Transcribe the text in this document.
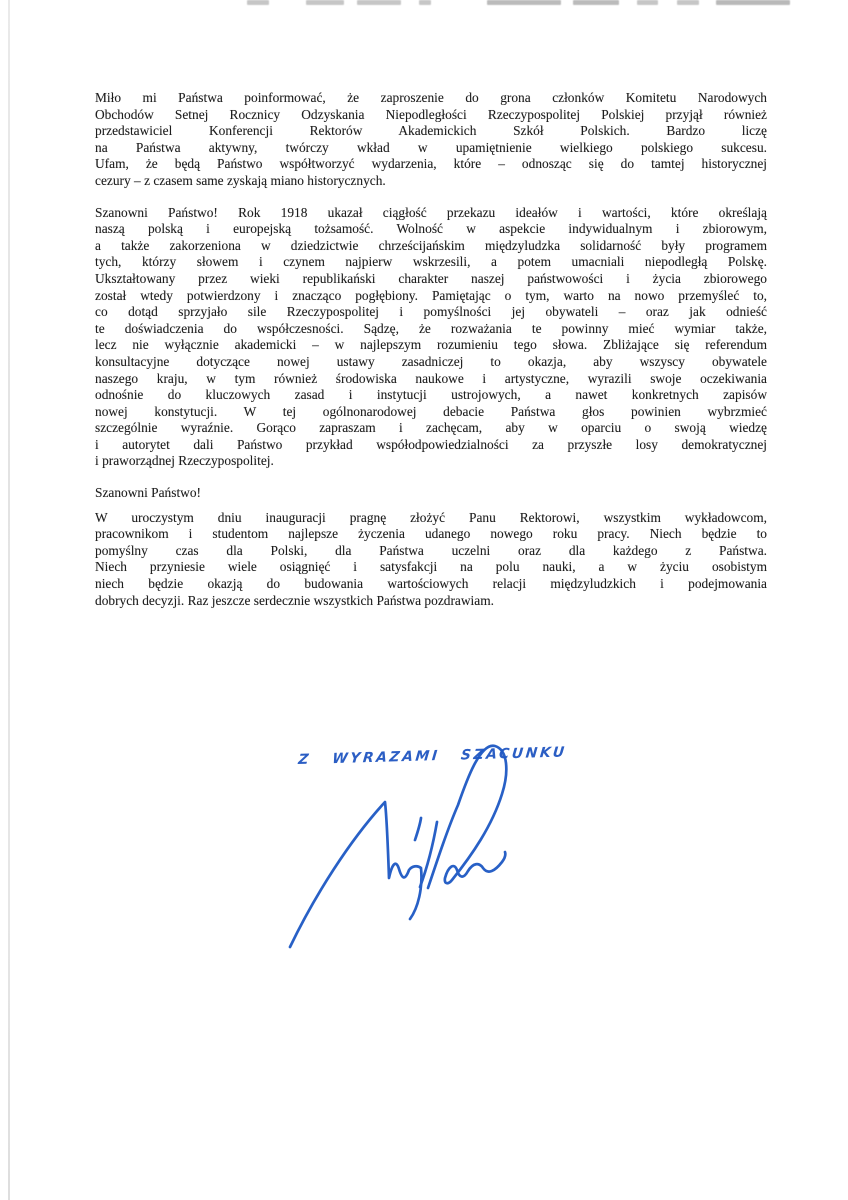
Miło mi Państwa poinformować, że zaproszenie do grona członków Komitetu Narodowych
Obchodów Setnej Rocznicy Odzyskania Niepodległości Rzeczypospolitej Polskiej przyjął również
przedstawiciel Konferencji Rektorów Akademickich Szkół Polskich. Bardzo liczę
na Państwa aktywny, twórczy wkład w upamiętnienie wielkiego polskiego sukcesu.
Ufam, że będą Państwo współtworzyć wydarzenia, które – odnosząc się do tamtej historycznej
cezury – z czasem same zyskają miano historycznych.
Szanowni Państwo! Rok 1918 ukazał ciągłość przekazu ideałów i wartości, które określają
naszą polską i europejską tożsamość. Wolność w aspekcie indywidualnym i zbiorowym,
a także zakorzeniona w dziedzictwie chrześcijańskim międzyludzka solidarność były programem
tych, którzy słowem i czynem najpierw wskrzesili, a potem umacniali niepodległą Polskę.
Ukształtowany przez wieki republikański charakter naszej państwowości i życia zbiorowego
został wtedy potwierdzony i znacząco pogłębiony. Pamiętając o tym, warto na nowo przemyśleć to,
co dotąd sprzyjało sile Rzeczypospolitej i pomyślności jej obywateli – oraz jak odnieść
te doświadczenia do współczesności. Sądzę, że rozważania te powinny mieć wymiar także,
lecz nie wyłącznie akademicki – w najlepszym rozumieniu tego słowa. Zbliżające się referendum
konsultacyjne dotyczące nowej ustawy zasadniczej to okazja, aby wszyscy obywatele
naszego kraju, w tym również środowiska naukowe i artystyczne, wyrazili swoje oczekiwania
odnośnie do kluczowych zasad i instytucji ustrojowych, a nawet konkretnych zapisów
nowej konstytucji. W tej ogólnonarodowej debacie Państwa głos powinien wybrzmieć
szczególnie wyraźnie. Gorąco zapraszam i zachęcam, aby w oparciu o swoją wiedzę
i autorytet dali Państwo przykład współodpowiedzialności za przyszłe losy demokratycznej
i praworządnej Rzeczypospolitej.
Szanowni Państwo!
W uroczystym dniu inauguracji pragnę złożyć Panu Rektorowi, wszystkim wykładowcom,
pracownikom i studentom najlepsze życzenia udanego nowego roku pracy. Niech będzie to
pomyślny czas dla Polski, dla Państwa uczelni oraz dla każdego z Państwa.
Niech przyniesie wiele osiągnięć i satysfakcji na polu nauki, a w życiu osobistym
niech będzie okazją do budowania wartościowych relacji międzyludzkich i podejmowania
dobrych decyzji. Raz jeszcze serdecznie wszystkich Państwa pozdrawiam.
Z WYRAZAMI SZACUNKU
